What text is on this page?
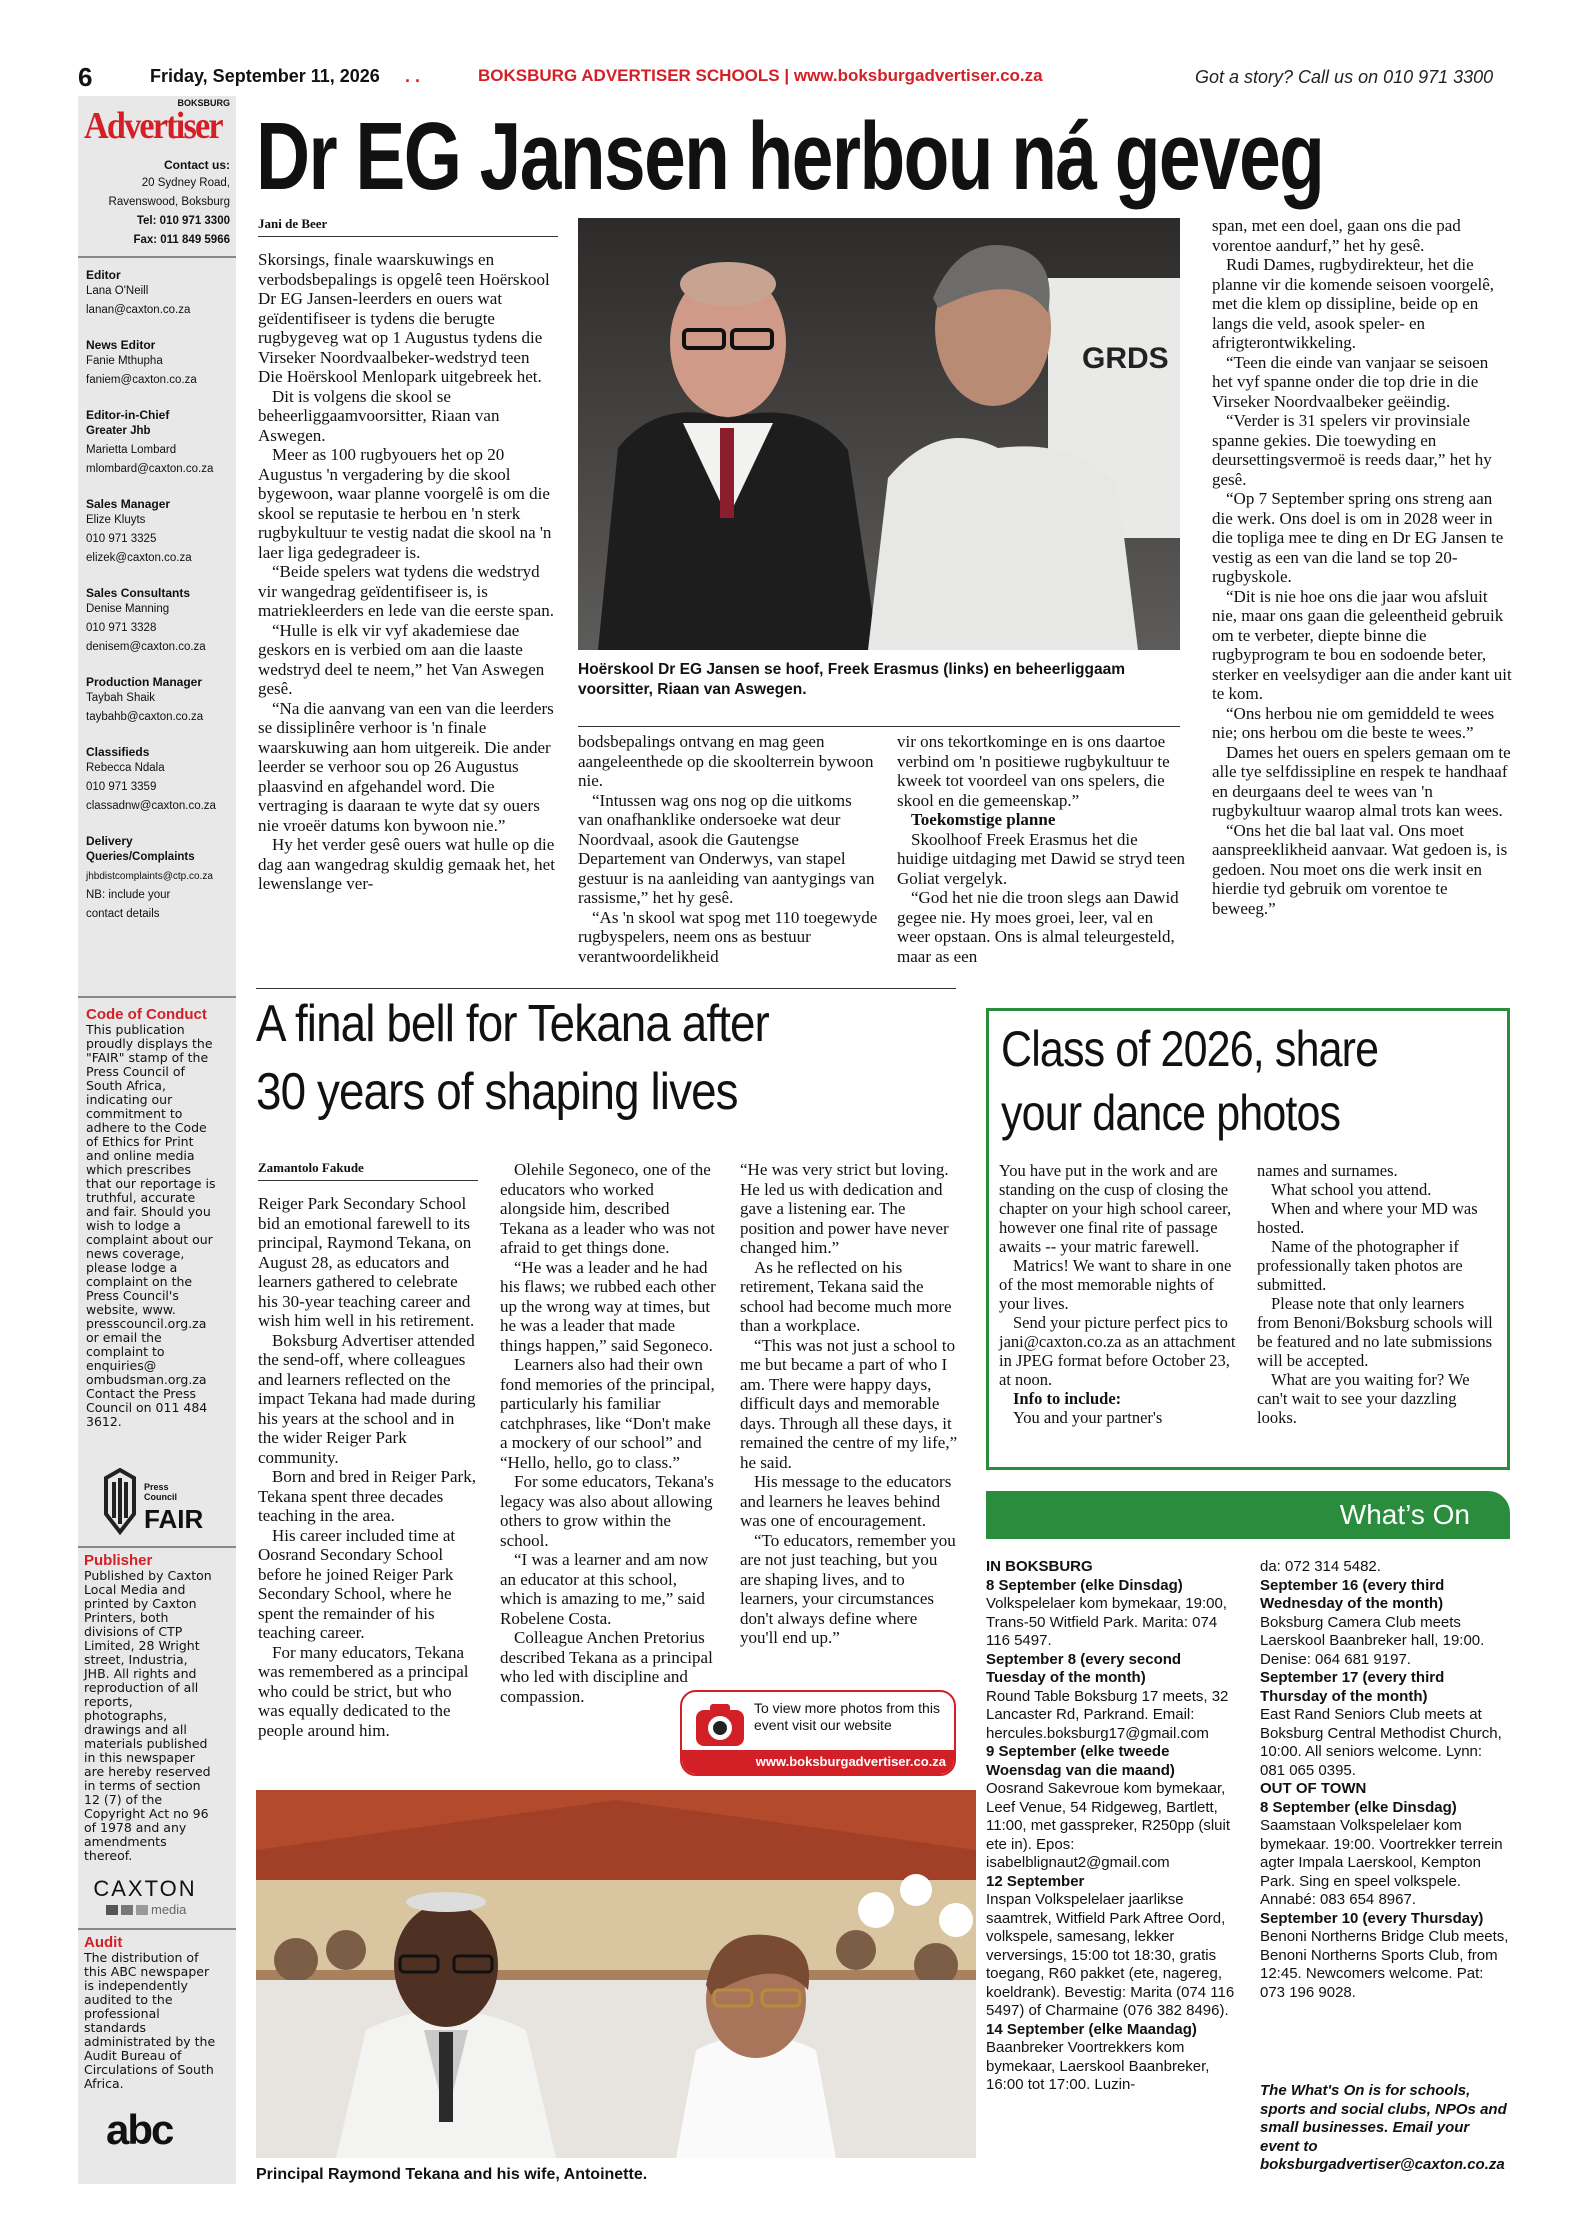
6	Friday, September 11, 2026 . .	BOKSBURG ADVERTISER SCHOOLS | www.boksburgadvertiser.co.za	Got a story? Call us on 010 971 3300
BOKSBURG
Advertiser
Contact us:
20 Sydney Road,
Ravenswood, Boksburg
Tel: 010 971 3300
Fax: 011 849 5966
Editor
Lana O'Neill
lanan@caxton.co.za
News Editor
Fanie Mthupha
faniem@caxton.co.za
Editor-in-Chief
Greater Jhb
Marietta Lombard
mlombard@caxton.co.za
Sales Manager
Elize Kluyts
010 971 3325
elizek@caxton.co.za
Sales Consultants
Denise Manning
010 971 3328
denisem@caxton.co.za
Production Manager
Taybah Shaik
taybahb@caxton.co.za
Classifieds
Rebecca Ndala
010 971 3359
classadnw@caxton.co.za
Delivery
Queries/Complaints
jhbdistcomplaints@ctp.co.za
NB: include your
contact details
Code of Conduct
This publication proudly displays the "FAIR" stamp of the Press Council of South Africa, indicating our commitment to adhere to the Code of Ethics for Print and online media which prescribes that our reportage is truthful, accurate and fair. Should you wish to lodge a complaint about our news coverage, please lodge a complaint on the Press Council's website, www. presscouncil.org.za or email the complaint to enquiries@ ombudsman.org.za Contact the Press Council on 011 484 3612.
Press Council
FAIR
Publisher
Published by Caxton Local Media and printed by Caxton Printers, both divisions of CTP Limited, 28 Wright street, Industria, JHB. All rights and reproduction of all reports, photographs, drawings and all materials published in this newspaper are hereby reserved in terms of section 12 (7) of the Copyright Act no 96 of 1978 and any amendments thereof.
CAXTON
media
Audit
The distribution of this ABC newspaper is independently audited to the professional standards administrated by the Audit Bureau of Circulations of South Africa.
abc
Dr EG Jansen herbou ná geveg
Jani de Beer

Skorsings, finale waarskuwings en verbodsbepalings is opgelê teen Hoërskool Dr EG Jansen-leerders en ouers wat geïdentifiseer is tydens die berugte rugbygeveg wat op 1 Augustus tydens die Virseker Noordvaalbeker-wedstryd teen Die Hoërskool Menlopark uitgebreek het.

Dit is volgens die skool se beheerliggaamvoorsitter, Riaan van Aswegen.

Meer as 100 rugbyouers het op 20 Augustus 'n vergadering by die skool bygewoon, waar planne voorgelê is om die skool se reputasie te herbou en 'n sterk rugbykultuur te vestig nadat die skool na 'n laer liga gedegradeer is.

“Beide spelers wat tydens die wedstryd vir wangedrag geïdentifiseer is, is matriekleerders en lede van die eerste span.

“Hulle is elk vir vyf akademiese dae geskors en is verbied om aan die laaste wedstryd deel te neem,” het Van Aswegen gesê.

“Na die aanvang van een van die leerders se dissiplinêre verhoor is 'n finale waarskuwing aan hom uitgereik. Die ander leerder se verhoor sou op 26 Augustus plaasvind en afgehandel word. Die vertraging is daaraan te wyte dat sy ouers nie vroeër datums kon bywoon nie.”

Hy het verder gesê ouers wat hulle op die dag aan wangedrag skuldig gemaak het, het lewenslange ver-

GRDS
Hoërskool Dr EG Jansen se hoof, Freek Erasmus (links) en beheerliggaam voorsitter, Riaan van Aswegen.

bodsbepalings ontvang en mag geen aangeleenthede op die skoolterrein bywoon nie.

“Intussen wag ons nog op die uitkoms van onafhanklike ondersoeke wat deur Noordvaal, asook die Gautengse Departement van Onderwys, van stapel gestuur is na aanleiding van aantygings van rassisme,” het hy gesê.

“As 'n skool wat spog met 110 toegewyde rugbyspelers, neem ons as bestuur verantwoordelikheid

vir ons tekortkominge en is ons daartoe verbind om 'n positiewe rugbykultuur te kweek tot voordeel van ons spelers, die skool en die gemeenskap.”

Toekomstige planne

Skoolhoof Freek Erasmus het die huidige uitdaging met Dawid se stryd teen Goliat vergelyk.

“God het nie die troon slegs aan Dawid gegee nie. Hy moes groei, leer, val en weer opstaan. Ons is almal teleurgesteld, maar as een

span, met een doel, gaan ons die pad vorentoe aandurf,” het hy gesê.

Rudi Dames, rugbydirekteur, het die planne vir die komende seisoen voorgelê, met die klem op dissipline, beide op en langs die veld, asook speler- en afrigterontwikkeling.

“Teen die einde van vanjaar se seisoen het vyf spanne onder die top drie in die Virseker Noordvaalbeker geëindig.

“Verder is 31 spelers vir provinsiale spanne gekies. Die toewyding en deursettingsvermoë is reeds daar,” het hy gesê.

“Op 7 September spring ons streng aan die werk. Ons doel is om in 2028 weer in die topliga mee te ding en Dr EG Jansen te vestig as een van die land se top 20-rugbyskole.

“Dit is nie hoe ons die jaar wou afsluit nie, maar ons gaan die geleentheid gebruik om te verbeter, diepte binne die rugbyprogram te bou en sodoende beter, sterker en veelsydiger aan die ander kant uit te kom.

“Ons herbou nie om gemiddeld te wees nie; ons herbou om die beste te wees.”

Dames het ouers en spelers gemaan om te alle tye selfdissipline en respek te handhaaf en deurgaans deel te wees van 'n rugbykultuur waarop almal trots kan wees.

“Ons het die bal laat val. Ons moet aanspreeklikheid aanvaar. Wat gedoen is, is gedoen. Nou moet ons die werk insit en hierdie tyd gebruik om vorentoe te beweeg.”

A final bell for Tekana after
30 years of shaping lives
Zamantolo Fakude

Reiger Park Secondary School bid an emotional farewell to its principal, Raymond Tekana, on August 28, as educators and learners gathered to celebrate his 30-year teaching career and wish him well in his retirement.

Boksburg Advertiser attended the send-off, where colleagues and learners reflected on the impact Tekana had made during his years at the school and in the wider Reiger Park community.

Born and bred in Reiger Park, Tekana spent three decades teaching in the area.

His career included time at Oosrand Secondary School before he joined Reiger Park Secondary School, where he spent the remainder of his teaching career.

For many educators, Tekana was remembered as a principal who could be strict, but who was equally dedicated to the people around him.

Olehile Segoneco, one of the educators who worked alongside him, described Tekana as a leader who was not afraid to get things done.

“He was a leader and he had his flaws; we rubbed each other up the wrong way at times, but he was a leader that made things happen,” said Segoneco.

Learners also had their own fond memories of the principal, particularly his familiar catchphrases, like “Don't make a mockery of our school” and “Hello, hello, go to class.”

For some educators, Tekana's legacy was also about allowing others to grow within the school.

“I was a learner and am now an educator at this school, which is amazing to me,” said Robelene Costa.

Colleague Anchen Pretorius described Tekana as a principal who led with discipline and compassion.

“He was very strict but loving. He led us with dedication and gave a listening ear. The position and power have never changed him.”

As he reflected on his retirement, Tekana said the school had become much more than a workplace.

“This was not just a school to me but became a part of who I am. There were happy days, difficult days and memorable days. Through all these days, it remained the centre of my life,” he said.

His message to the educators and learners he leaves behind was one of encouragement.

“To educators, remember you are not just teaching, but you are shaping lives, and to learners, your circumstances don't always define where you'll end up.”

To view more photos from this event visit our website
www.boksburgadvertiser.co.za
Principal Raymond Tekana and his wife, Antoinette.
Class of 2026, share
your dance photos

You have put in the work and are standing on the cusp of closing the chapter on your high school career, however one final rite of passage awaits -- your matric farewell.

Matrics! We want to share in one of the most memorable nights of your lives.

Send your picture perfect pics to jani@caxton.co.za as an attachment in JPEG format before October 23, at noon.

Info to include:

You and your partner's

names and surnames.

What school you attend.

When and where your MD was hosted.

Name of the photographer if professionally taken photos are submitted.

Please note that only learners from Benoni/Boksburg schools will be featured and no late submissions will be accepted.

What are you waiting for? We can't wait to see your dazzling looks.

What’s On
IN BOKSBURG
8 September (elke Dinsdag)
Volkspelelaer kom bymekaar, 19:00, Trans-50 Witfield Park. Marita: 074 116 5497.
September 8 (every second Tuesday of the month)
Round Table Boksburg 17 meets, 32 Lancaster Rd, Parkrand. Email: hercules.boksburg17@gmail.com
9 September (elke tweede Woensdag van die maand)
Oosrand Sakevroue kom bymekaar, Leef Venue, 54 Ridgeweg, Bartlett, 11:00, met gasspreker, R250pp (sluit ete in). Epos: isabelblignaut2@gmail.com
12 September
Inspan Volkspelelaer jaarlikse saamtrek, Witfield Park Aftree Oord, volkspele, samesang, lekker verversings, 15:00 tot 18:30, gratis toegang, R60 pakket (ete, nagereg, koeldrank). Bevestig: Marita (074 116 5497) of Charmaine (076 382 8496).
14 September (elke Maandag)
Baanbreker Voortrekkers kom bymekaar, Laerskool Baanbreker, 16:00 tot 17:00. Luzin-
da: 072 314 5482.
September 16 (every third Wednesday of the month)
Boksburg Camera Club meets Laerskool Baanbreker hall, 19:00. Denise: 064 681 9197.
September 17 (every third Thursday of the month)
East Rand Seniors Club meets at Boksburg Central Methodist Church, 10:00. All seniors welcome. Lynn: 081 065 0395.
OUT OF TOWN
8 September (elke Dinsdag)
Saamstaan Volkspelelaer kom bymekaar. 19:00. Voortrekker terrein agter Impala Laerskool, Kempton Park. Sing en speel volkspele. Annabé: 083 654 8967.
September 10 (every Thursday)
Benoni Northerns Bridge Club meets, Benoni Northerns Sports Club, from 12:45. Newcomers welcome. Pat: 073 196 9028.
The What's On is for schools, sports and social clubs, NPOs and small businesses. Email your event to boksburgadvertiser@caxton.co.za
